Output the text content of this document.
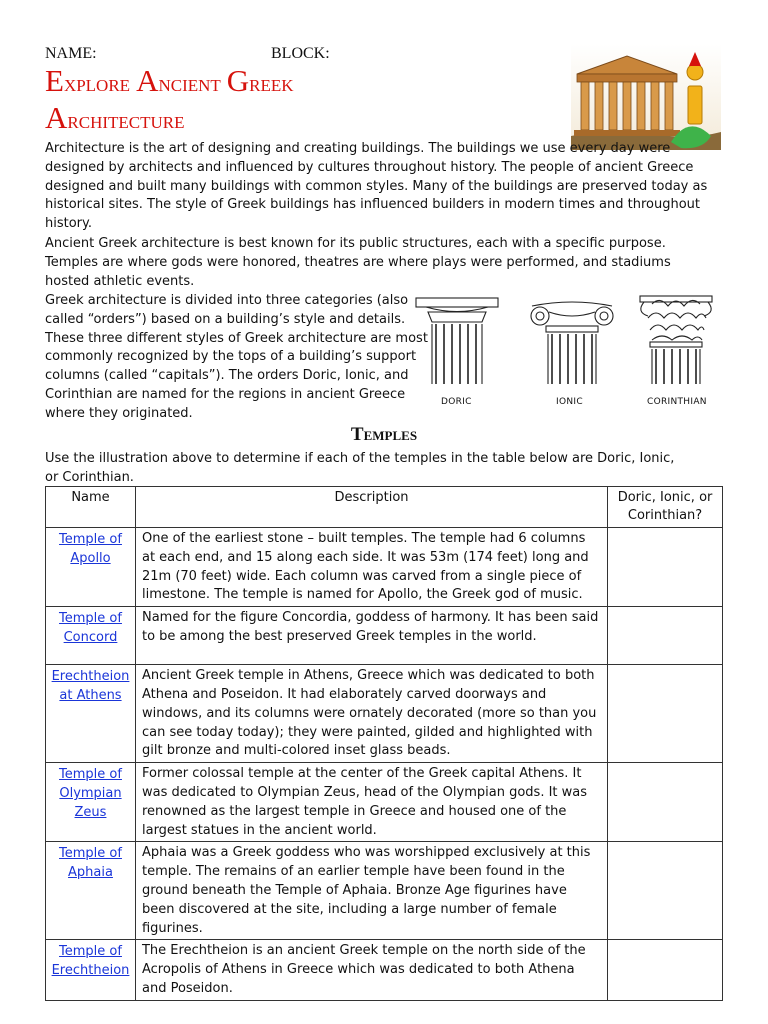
NAME:	BLOCK:
Explore Ancient Greek
Architecture

Architecture is the art of designing and creating buildings. The buildings we use every day were designed by architects and influenced by cultures throughout history. The people of ancient Greece designed and built many buildings with common styles. Many of the buildings are preserved today as historical sites. The style of Greek buildings has influenced builders in modern times and throughout history.

Ancient Greek architecture is best known for its public structures, each with a specific purpose. Temples are where gods were honored, theatres are where plays were performed, and stadiums hosted athletic events.

Greek architecture is divided into three categories (also called “orders”) based on a building’s style and details. These three different styles of Greek architecture are most commonly recognized by the tops of a building’s support columns (called “capitals”). The orders Doric, Ionic, and Corinthian are named for the regions in ancient Greece where they originated.

DORIC	IONIC	CORINTHIAN
Temples

Use the illustration above to determine if each of the temples in the table below are Doric, Ionic, or Corinthian.

Name	Description	Doric, Ionic, or Corinthian?
Temple of Apollo	One of the earliest stone – built temples. The temple had 6 columns at each end, and 15 along each side. It was 53m (174 feet) long and 21m (70 feet) wide. Each column was carved from a single piece of limestone. The temple is named for Apollo, the Greek god of music.	
Temple of Concord	Named for the figure Concordia, goddess of harmony. It has been said to be among the best preserved Greek temples in the world.	
Erechtheion at Athens	Ancient Greek temple in Athens, Greece which was dedicated to both Athena and Poseidon. It had elaborately carved doorways and windows, and its columns were ornately decorated (more so than you can see today today); they were painted, gilded and highlighted with gilt bronze and multi-colored inset glass beads.	
Temple of Olympian Zeus	Former colossal temple at the center of the Greek capital Athens. It was dedicated to Olympian Zeus, head of the Olympian gods. It was renowned as the largest temple in Greece and housed one of the largest statues in the ancient world.	
Temple of Aphaia	Aphaia was a Greek goddess who was worshipped exclusively at this temple. The remains of an earlier temple have been found in the ground beneath the Temple of Aphaia. Bronze Age figurines have been discovered at the site, including a large number of female figurines.	
Temple of Erechtheion	The Erechtheion is an ancient Greek temple on the north side of the Acropolis of Athens in Greece which was dedicated to both Athena and Poseidon.	
